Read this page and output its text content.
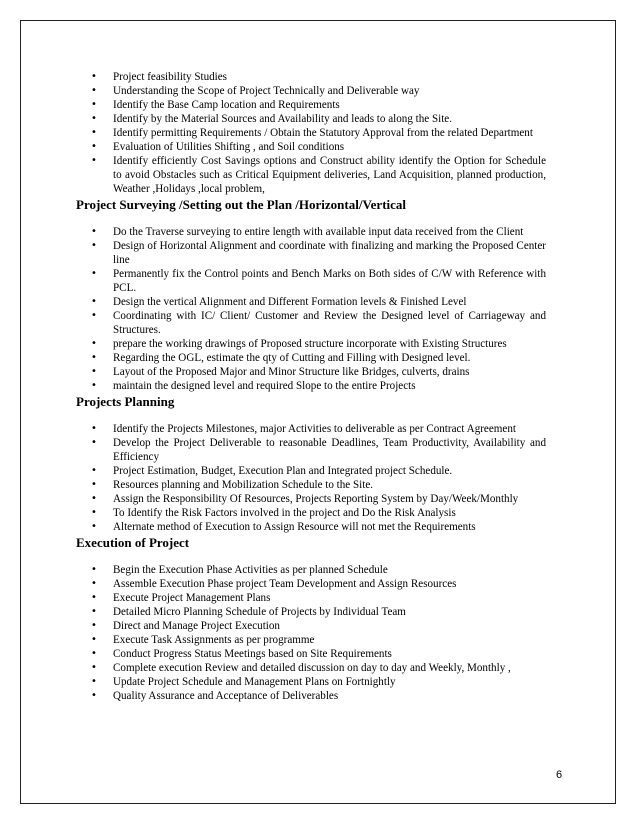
• Project feasibility Studies
• Understanding the Scope of Project Technically and Deliverable way
• Identify the Base Camp location and Requirements
• Identify by the Material Sources and Availability and leads to along the Site.
• Identify permitting Requirements / Obtain the Statutory Approval from the related Department
• Evaluation of Utilities Shifting , and Soil conditions
• Identify efficiently Cost Savings options and Construct ability identify the Option for Schedule to avoid Obstacles such as Critical Equipment deliveries, Land Acquisition, planned production, Weather ,Holidays ,local problem,
Project Surveying /Setting out the Plan /Horizontal/Vertical
• Do the Traverse surveying to entire length with available input data received from the Client
• Design of Horizontal Alignment and coordinate with finalizing and marking the Proposed Center line
• Permanently fix the Control points and Bench Marks on Both sides of C/W with Reference with PCL.
• Design the vertical Alignment and Different Formation levels & Finished Level
• Coordinating with IC/ Client/ Customer and Review the Designed level of Carriageway and Structures.
• prepare the working drawings of Proposed structure incorporate with Existing Structures
• Regarding the OGL, estimate the qty of Cutting and Filling with Designed level.
• Layout of the Proposed Major and Minor Structure like Bridges, culverts, drains
• maintain the designed level and required Slope to the entire Projects
Projects Planning
• Identify the Projects Milestones, major Activities to deliverable as per Contract Agreement
• Develop the Project Deliverable to reasonable Deadlines, Team Productivity, Availability and Efficiency
• Project Estimation, Budget, Execution Plan and Integrated project Schedule.
• Resources planning and Mobilization Schedule to the Site.
• Assign the Responsibility Of Resources, Projects Reporting System by Day/Week/Monthly
• To Identify the Risk Factors involved in the project and Do the Risk Analysis
• Alternate method of Execution to Assign Resource will not met the Requirements
Execution of Project
• Begin the Execution Phase Activities as per planned Schedule
• Assemble Execution Phase project Team Development and Assign Resources
• Execute Project Management Plans
• Detailed Micro Planning Schedule of Projects by Individual Team
• Direct and Manage Project Execution
• Execute Task Assignments as per programme
• Conduct Progress Status Meetings based on Site Requirements
• Complete execution Review and detailed discussion on day to day and Weekly, Monthly ,
• Update Project Schedule and Management Plans on Fortnightly
• Quality Assurance and Acceptance of Deliverables
6
